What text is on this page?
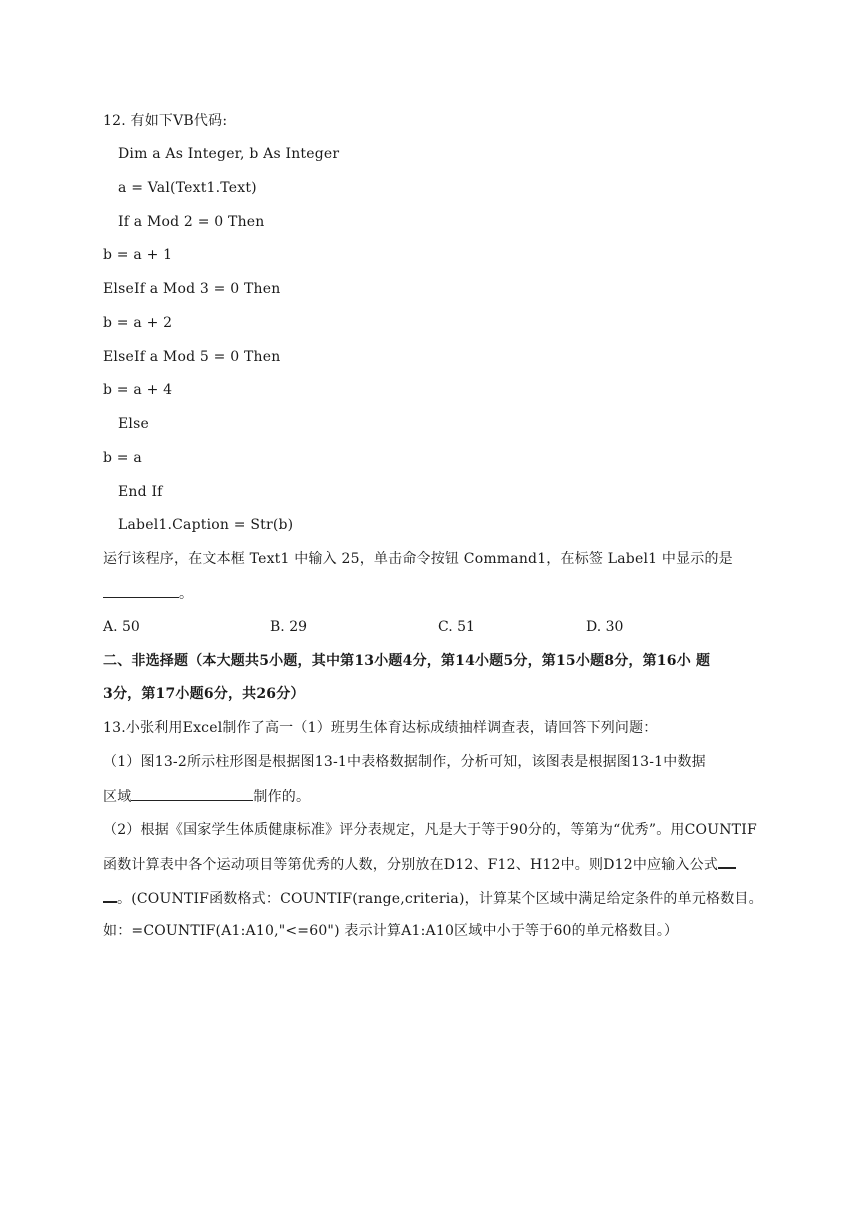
12. 有如下VB代码:
Dim a As Integer, b As Integer
a = Val(Text1.Text)
If a Mod 2 = 0 Then
b = a + 1
ElseIf a Mod 3 = 0 Then
b = a + 2
ElseIf a Mod 5 = 0 Then
b = a + 4
Else
b = a
End If
Label1.Caption = Str(b)
运行该程序，在文本框 Text1 中输入 25，单击命令按钮 Command1，在标签 Label1 中显示的是
。
A. 50	B. 29	C. 51	D. 30
二、非选择题（本大题共5小题，其中第13小题4分，第14小题5分，第15小题8分，第16小 题
3分，第17小题6分，共26分）
13.小张利用Excel制作了高一（1）班男生体育达标成绩抽样调查表，请回答下列问题：
（1）图13-2所示柱形图是根据图13-1中表格数据制作，分析可知，该图表是根据图13-1中数据
区域	制作的。
（2）根据《国家学生体质健康标准》评分表规定，凡是大于等于90分的，等第为“优秀”。用COUNTIF
函数计算表中各个运动项目等第优秀的人数，分别放在D12、F12、H12中。则D12中应输入公式
。(COUNTIF函数格式：COUNTIF(range,criteria)，计算某个区域中满足给定条件的单元格数目。
如：=COUNTIF(A1:A10,"<=60") 表示计算A1:A10区域中小于等于60的单元格数目。）
